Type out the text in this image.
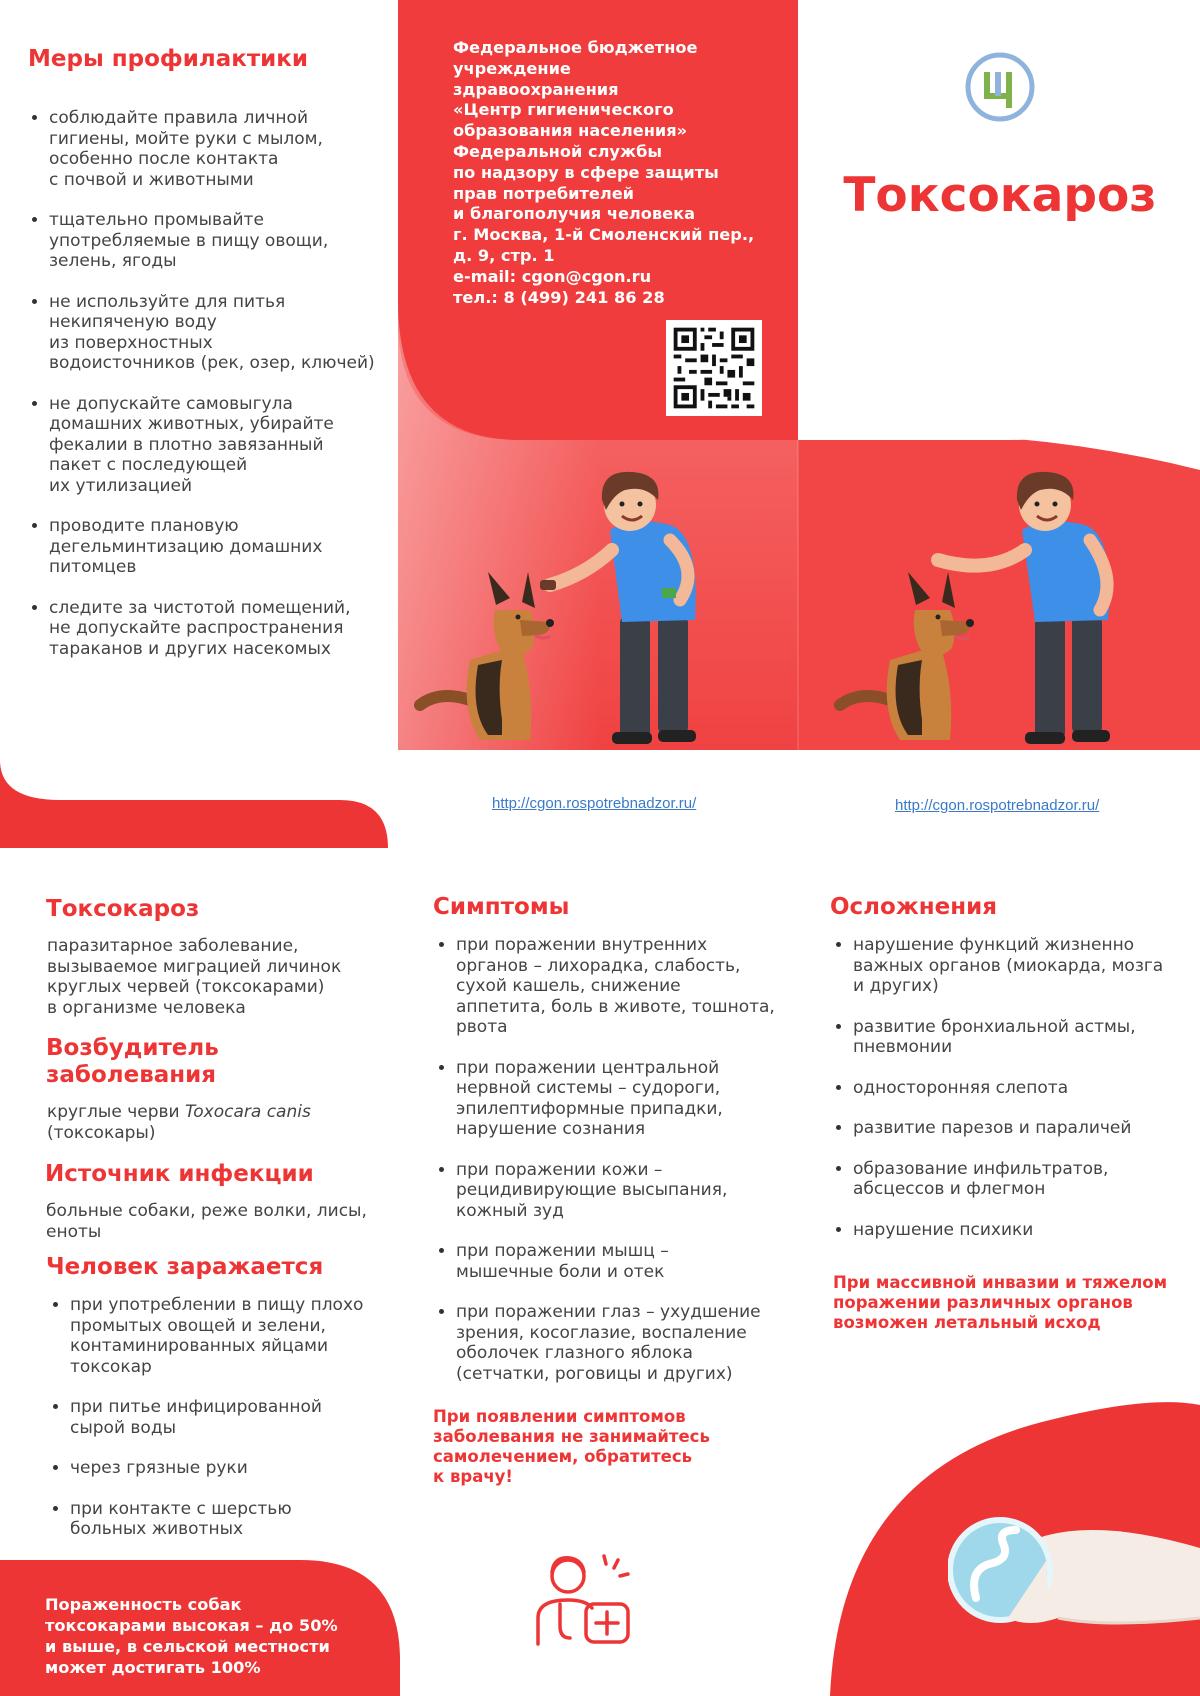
Меры профилактики
• соблюдайте правила личной
гигиены, мойте руки с мылом,
особенно после контакта
с почвой и животными
• тщательно промывайте
употребляемые в пищу овощи,
зелень, ягоды
• не используйте для питья
некипяченую воду
из поверхностных
водоисточников (рек, озер, ключей)
• не допускайте самовыгула
домашних животных, убирайте
фекалии в плотно завязанный
пакет с последующей
их утилизацией
• проводите плановую
дегельминтизацию домашних
питомцев
• следите за чистотой помещений,
не допускайте распространения
тараканов и других насекомых
Федеральное бюджетное
учреждение
здравоохранения
«Центр гигиенического
образования населения»
Федеральной службы
по надзору в сфере защиты
прав потребителей
и благополучия человека
г. Москва, 1-й Смоленский пер.,
д. 9, стр. 1
e-mail: cgon@cgon.ru
тел.: 8 (499) 241 86 28
Токсокароз
http://cgon.rospotrebnadzor.ru/	http://cgon.rospotrebnadzor.ru/
Токсокароз

паразитарное заболевание,
вызываемое миграцией личинок
круглых червей (токсокарами)
в организме человека

Возбудитель
заболевания

круглые черви Toxocara canis
(токсокары)

Источник инфекции

больные собаки, реже волки, лисы,
еноты

Человек заражается
• при употреблении в пищу плохо
промытых овощей и зелени,
контаминированных яйцами
токсокар
• при питье инфицированной
сырой воды
• через грязные руки
• при контакте с шерстью
больных животных

Пораженность собак
токсокарами высокая – до 50%
и выше, в сельской местности
может достигать 100%

Симптомы
• при поражении внутренних
органов – лихорадка, слабость,
сухой кашель, снижение
аппетита, боль в животе, тошнота,
рвота
• при поражении центральной
нервной системы – судороги,
эпилептиформные припадки,
нарушение сознания
• при поражении кожи –
рецидивирующие высыпания,
кожный зуд
• при поражении мышц –
мышечные боли и отек
• при поражении глаз – ухудшение
зрения, косоглазие, воспаление
оболочек глазного яблока
(сетчатки, роговицы и других)

При появлении симптомов
заболевания не занимайтесь
самолечением, обратитесь
к врачу!

Осложнения
• нарушение функций жизненно
важных органов (миокарда, мозга
и других)
• развитие бронхиальной астмы,
пневмонии
• односторонняя слепота
• развитие парезов и параличей
• образование инфильтратов,
абсцессов и флегмон
• нарушение психики

При массивной инвазии и тяжелом
поражении различных органов
возможен летальный исход
